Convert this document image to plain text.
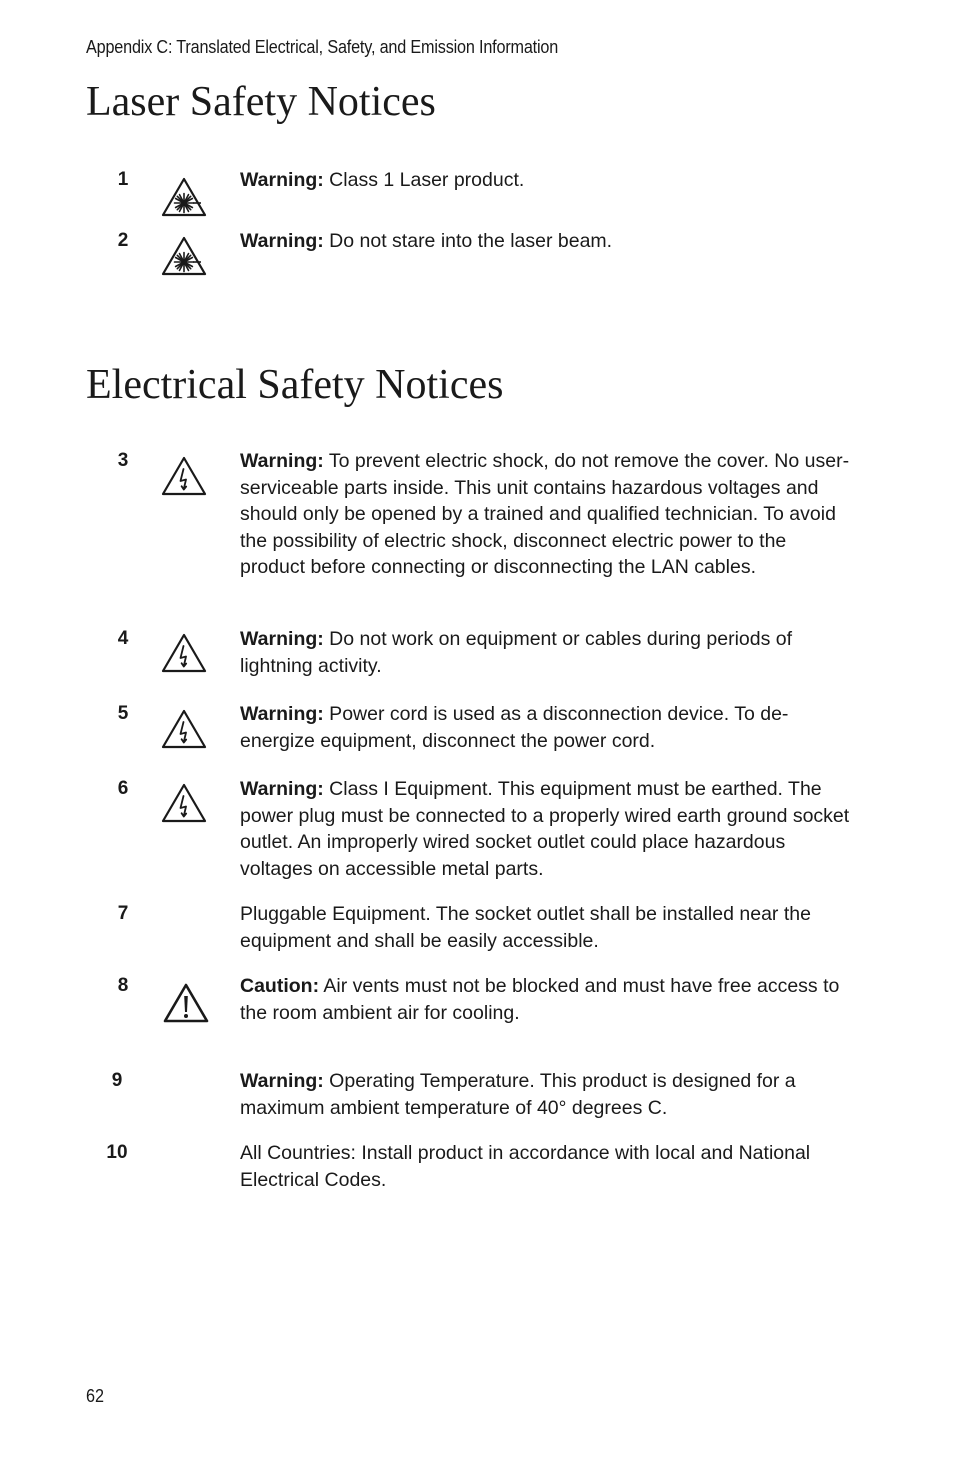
Appendix C: Translated Electrical, Safety, and Emission Information
Laser Safety Notices
Electrical Safety Notices
1	Warning: Class 1 Laser product.
2	Warning: Do not stare into the laser beam.
3	Warning: To prevent electric shock, do not remove the cover. No user-serviceable parts inside. This unit contains hazardous voltages and should only be opened by a trained and qualified technician. To avoid the possibility of electric shock, disconnect electric power to the product before connecting or disconnecting the LAN cables.
4	Warning: Do not work on equipment or cables during periods of lightning activity.
5	Warning: Power cord is used as a disconnection device. To de-energize equipment, disconnect the power cord.
6	Warning: Class I Equipment. This equipment must be earthed. The power plug must be connected to a properly wired earth ground socket outlet. An improperly wired socket outlet could place hazardous voltages on accessible metal parts.
7	Pluggable Equipment. The socket outlet shall be installed near the equipment and shall be easily accessible.
8	Caution: Air vents must not be blocked and must have free access to the room ambient air for cooling.
9	Warning: Operating Temperature. This product is designed for a maximum ambient temperature of 40° degrees C.
10	All Countries: Install product in accordance with local and National Electrical Codes.
62
